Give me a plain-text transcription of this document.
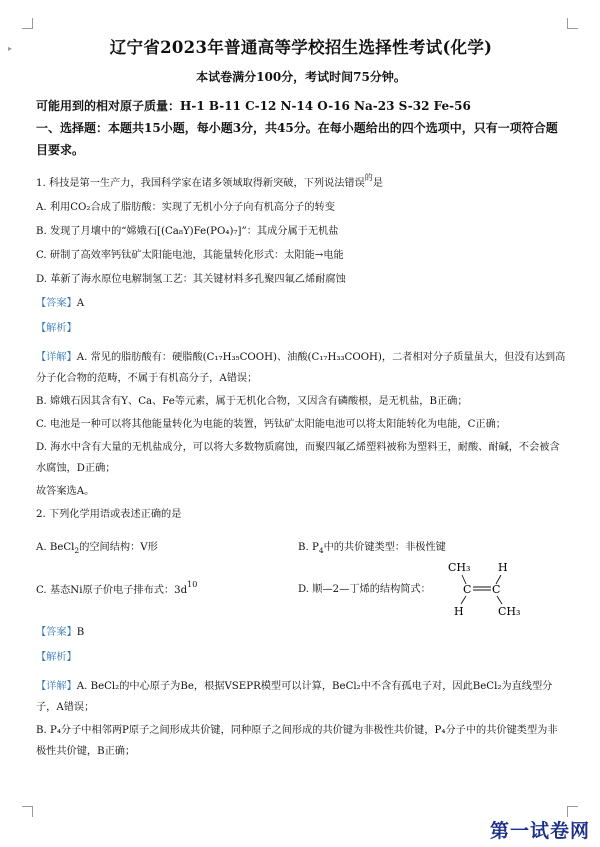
▸	辽宁省2023年普通高等学校招生选择性考试(化学)
本试卷满分100分，考试时间75分钟。
可能用到的相对原子质量：H-1 B-11 C-12 N-14 O-16 Na-23 S-32 Fe-56
一、选择题：本题共15小题，每小题3分，共45分。在每小题给出的四个选项中，只有一项符合题目要求。
1. 科技是第一生产力，我国科学家在诸多领域取得新突破，下列说法错误$^的$是
A. 利用CO₂合成了脂肪酸：实现了无机小分子向有机高分子的转变
B. 发现了月壤中的“嫦娥石[(Ca₈Y)Fe(PO₄)₇]”：其成分属于无机盐
C. 研制了高效率钙钛矿太阳能电池，其能量转化形式：太阳能→电能
D. 革新了海水原位电解制氢工艺：其关键材料多孔聚四氟乙烯耐腐蚀
【答案】A
【解析】
【详解】A. 常见的脂肪酸有：硬脂酸(C₁₇H₃₅COOH)、油酸(C₁₇H₃₃COOH)，二者相对分子质量虽大，但没有达到高分子化合物的范畴，不属于有机高分子，A错误；
B. 嫦娥石因其含有Y、Ca、Fe等元素，属于无机化合物，又因含有磷酸根，是无机盐，B正确；
C. 电池是一种可以将其他能量转化为电能的装置，钙钛矿太阳能电池可以将太阳能转化为电能，C正确；
D. 海水中含有大量的无机盐成分，可以将大多数物质腐蚀，而聚四氟乙烯塑料被称为塑料王，耐酸、耐碱，不会被含水腐蚀，D正确；
故答案选A。
2. 下列化学用语或表述正确的是
A. BeCl$_2$的空间结构：V形	B. $P_4$中的共价键类型：非极性键
C. 基态Ni原子价电子排布式：$3d^{10}$	D. 顺—2—丁烯的结构简式：
CH₃	H
C C
H	CH₃
【答案】B
【解析】
【详解】A. BeCl₂的中心原子为Be，根据VSEPR模型可以计算，BeCl₂中不含有孤电子对，因此BeCl₂为直线型分子，A错误；
B. P₄分子中相邻两P原子之间形成共价键，同种原子之间形成的共价键为非极性共价键，P₄分子中的共价键类型为非极性共价键，B正确；
第一试卷网
